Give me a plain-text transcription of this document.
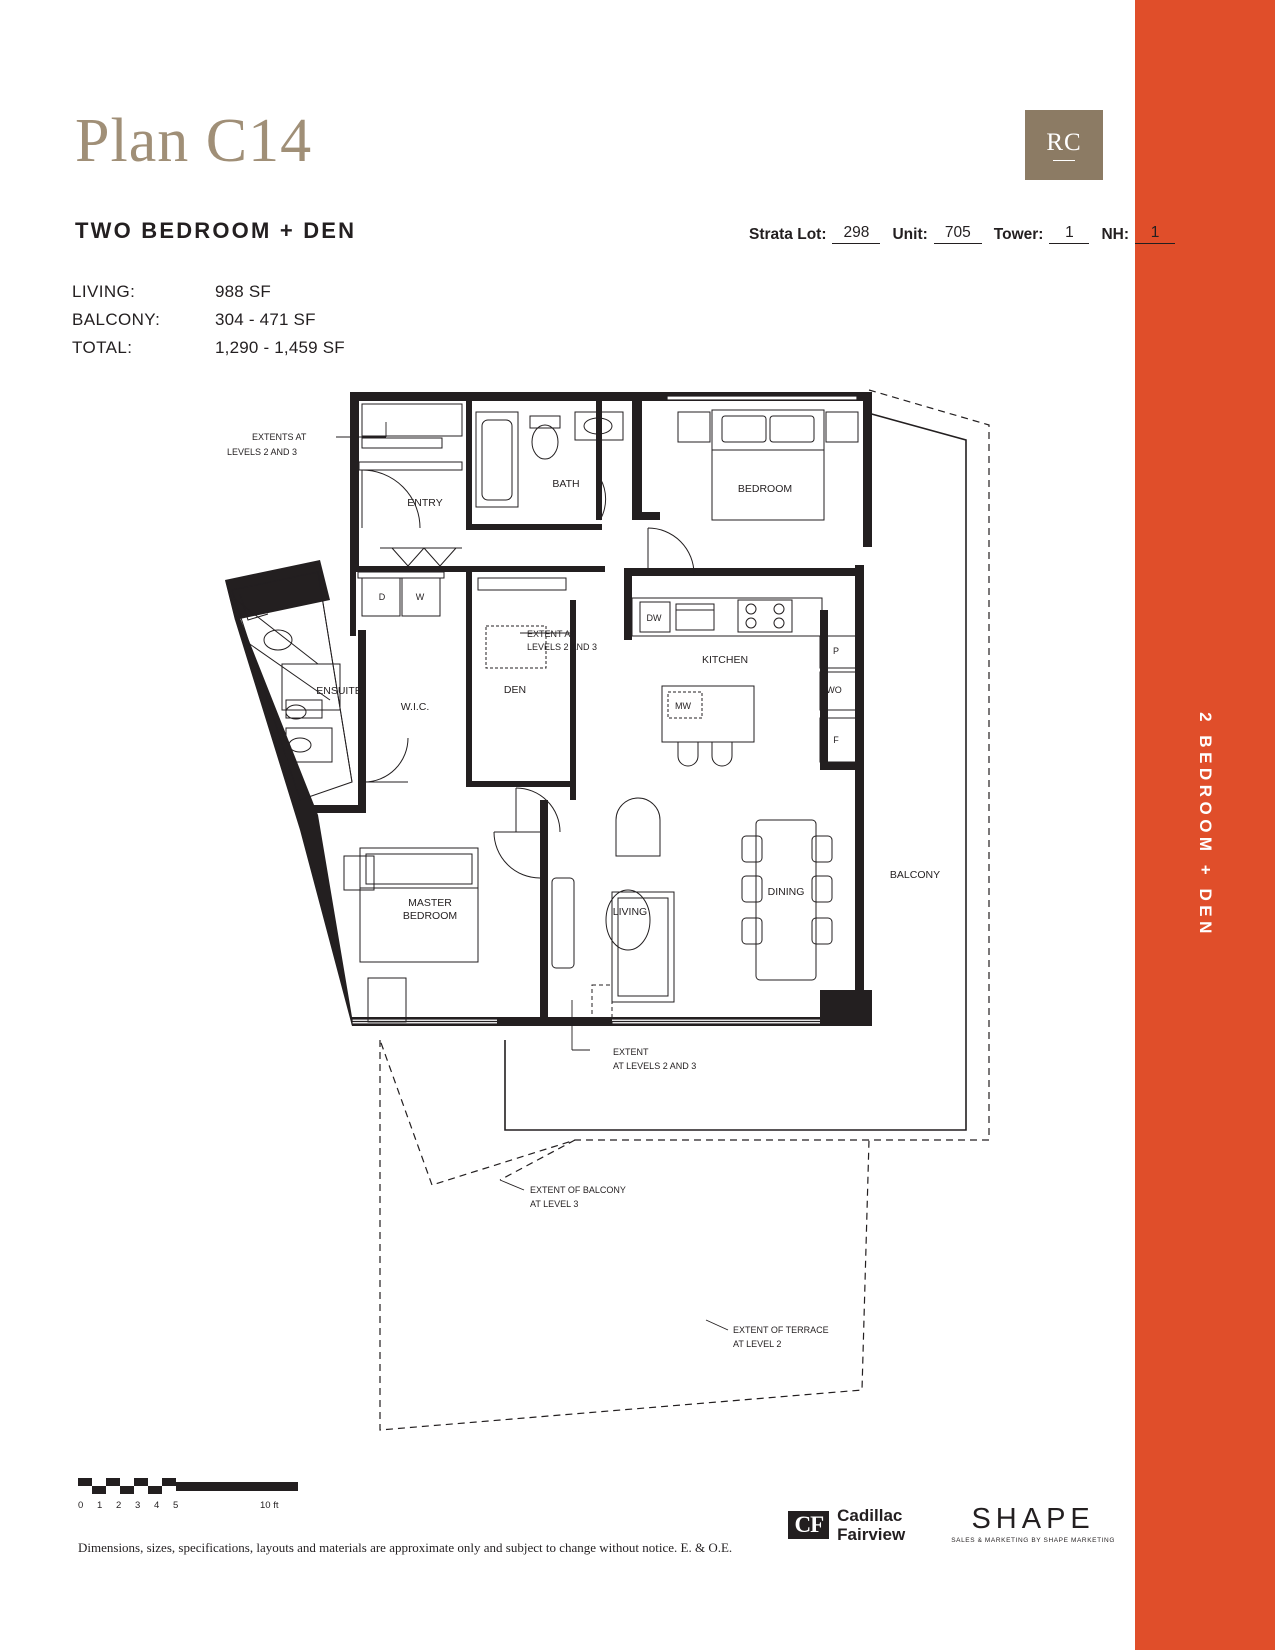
2 BEDROOM + DEN
Plan C14
TWO BEDROOM + DEN
RC
Strata Lot:	298	Unit:	705	Tower:	1	NH:	1
LIVING:	988 SF
BALCONY:	304 - 471 SF
TOTAL:	1,290 - 1,459 SF
BATH	BEDROOM
ENTRY
KITCHEN
ENSUITE
W.I.C.
DEN
DINING
LIVING
MASTER
BEDROOM
BALCONY
D	W
DW
MW
P
WO
F
EXTENTS AT
LEVELS 2 AND 3
EXTENT AT
LEVELS 2 AND 3
EXTENT
AT LEVELS 2 AND 3
EXTENT OF BALCONY
AT LEVEL 3
EXTENT OF TERRACE
AT LEVEL 2
0 1 2 3 4 5	10 ft
Dimensions, sizes, specifications, layouts and materials are approximate only and subject to change without notice. E. & O.E.
CF Cadillac
Fairview	SHAPE
SALES & MARKETING BY SHAPE MARKETING
